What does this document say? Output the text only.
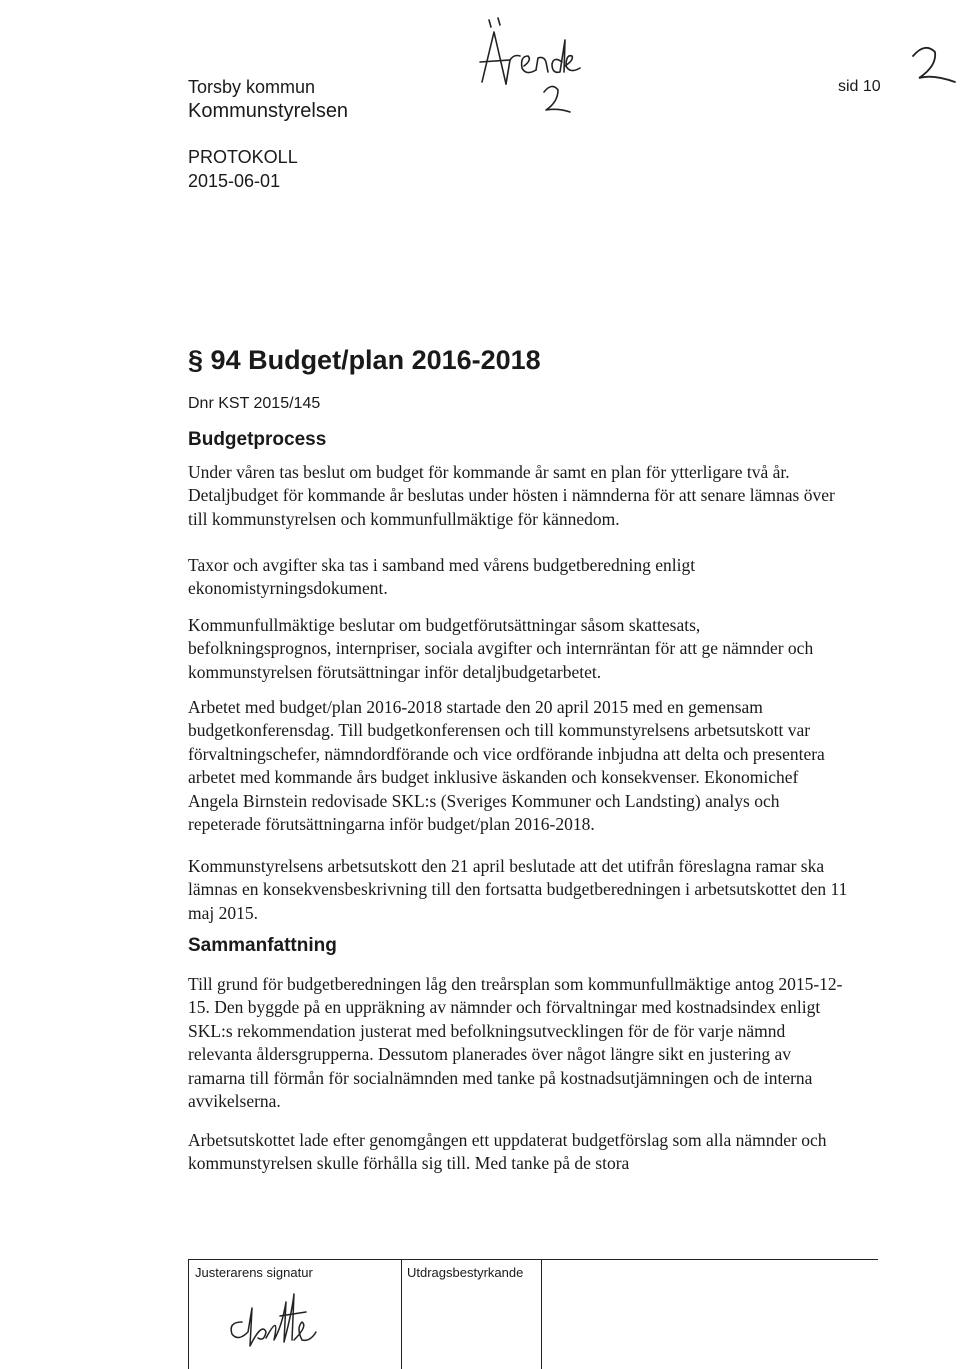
Torsby kommun
Kommunstyrelsen
PROTOKOLL
2015-06-01
sid 10
§ 94 Budget/plan 2016-2018
Dnr KST 2015/145
Budgetprocess

Under våren tas beslut om budget för kommande år samt en plan för ytterligare två år. Detaljbudget för kommande år beslutas under hösten i nämnderna för att senare lämnas över till kommunstyrelsen och kommunfullmäktige för kännedom.

Taxor och avgifter ska tas i samband med vårens budgetberedning enligt ekonomistyrningsdokument.

Kommunfullmäktige beslutar om budgetförutsättningar såsom skattesats, befolkningsprognos, internpriser, sociala avgifter och internräntan för att ge nämnder och kommunstyrelsen förutsättningar inför detaljbudgetarbetet.

Arbetet med budget/plan 2016-2018 startade den 20 april 2015 med en gemensam budgetkonferensdag. Till budgetkonferensen och till kommunstyrelsens arbetsutskott var förvaltningschefer, nämndordförande och vice ordförande inbjudna att delta och presentera arbetet med kommande års budget inklusive äskanden och konsekvenser. Ekonomichef Angela Birnstein redovisade SKL:s (Sveriges Kommuner och Landsting) analys och repeterade förutsättningarna inför budget/plan 2016-2018.

Kommunstyrelsens arbetsutskott den 21 april beslutade att det utifrån föreslagna ramar ska lämnas en konsekvensbeskrivning till den fortsatta budgetberedningen i arbetsutskottet den 11 maj 2015.

Sammanfattning

Till grund för budgetberedningen låg den treårsplan som kommunfullmäktige antog 2015-12-15. Den byggde på en uppräkning av nämnder och förvaltningar med kostnadsindex enligt SKL:s rekommendation justerat med befolkningsutvecklingen för de för varje nämnd relevanta åldersgrupperna. Dessutom planerades över något längre sikt en justering av ramarna till förmån för socialnämnden med tanke på kostnadsutjämningen och de interna avvikelserna.

Arbetsutskottet lade efter genomgången ett uppdaterat budgetförslag som alla nämnder och kommunstyrelsen skulle förhålla sig till. Med tanke på de stora

Justerarens signatur	Utdragsbestyrkande
